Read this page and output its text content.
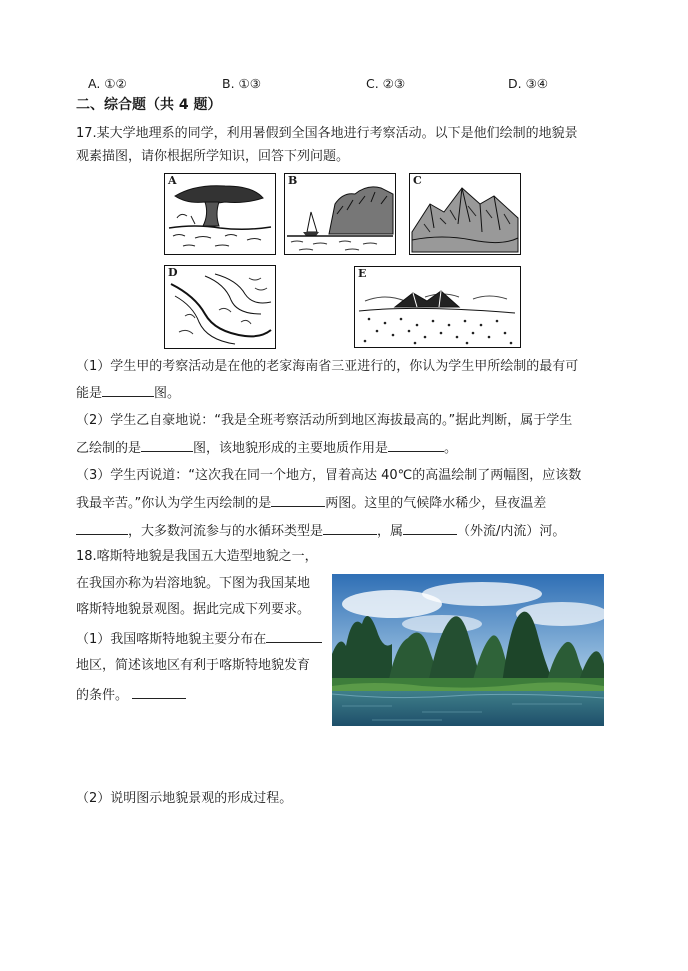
A. ①②	B. ①③	C. ②③	D. ③④
二、综合题（共 4 题）
17.某大学地理系的同学，利用暑假到全国各地进行考察活动。以下是他们绘制的地貌景
观素描图，请你根据所学知识，回答下列问题。
A	B	C
D	E
（1）学生甲的考察活动是在他的老家海南省三亚进行的，你认为学生甲所绘制的最有可
能是	图。
（2）学生乙自豪地说：“我是全班考察活动所到地区海拔最高的。”据此判断，属于学生
乙绘制的是	图，该地貌形成的主要地质作用是	。
（3）学生丙说道：“这次我在同一个地方，冒着高达 40℃的高温绘制了两幅图，应该数
我最辛苦。”你认为学生丙绘制的是	两图。这里的气候降水稀少，昼夜温差
，大多数河流参与的水循环类型是	，属	（外流/内流）河。
18.喀斯特地貌是我国五大造型地貌之一，
在我国亦称为岩溶地貌。下图为我国某地
喀斯特地貌景观图。据此完成下列要求。
（1）我国喀斯特地貌主要分布在
地区，简述该地区有利于喀斯特地貌发育
的条件。
（2）说明图示地貌景观的形成过程。
